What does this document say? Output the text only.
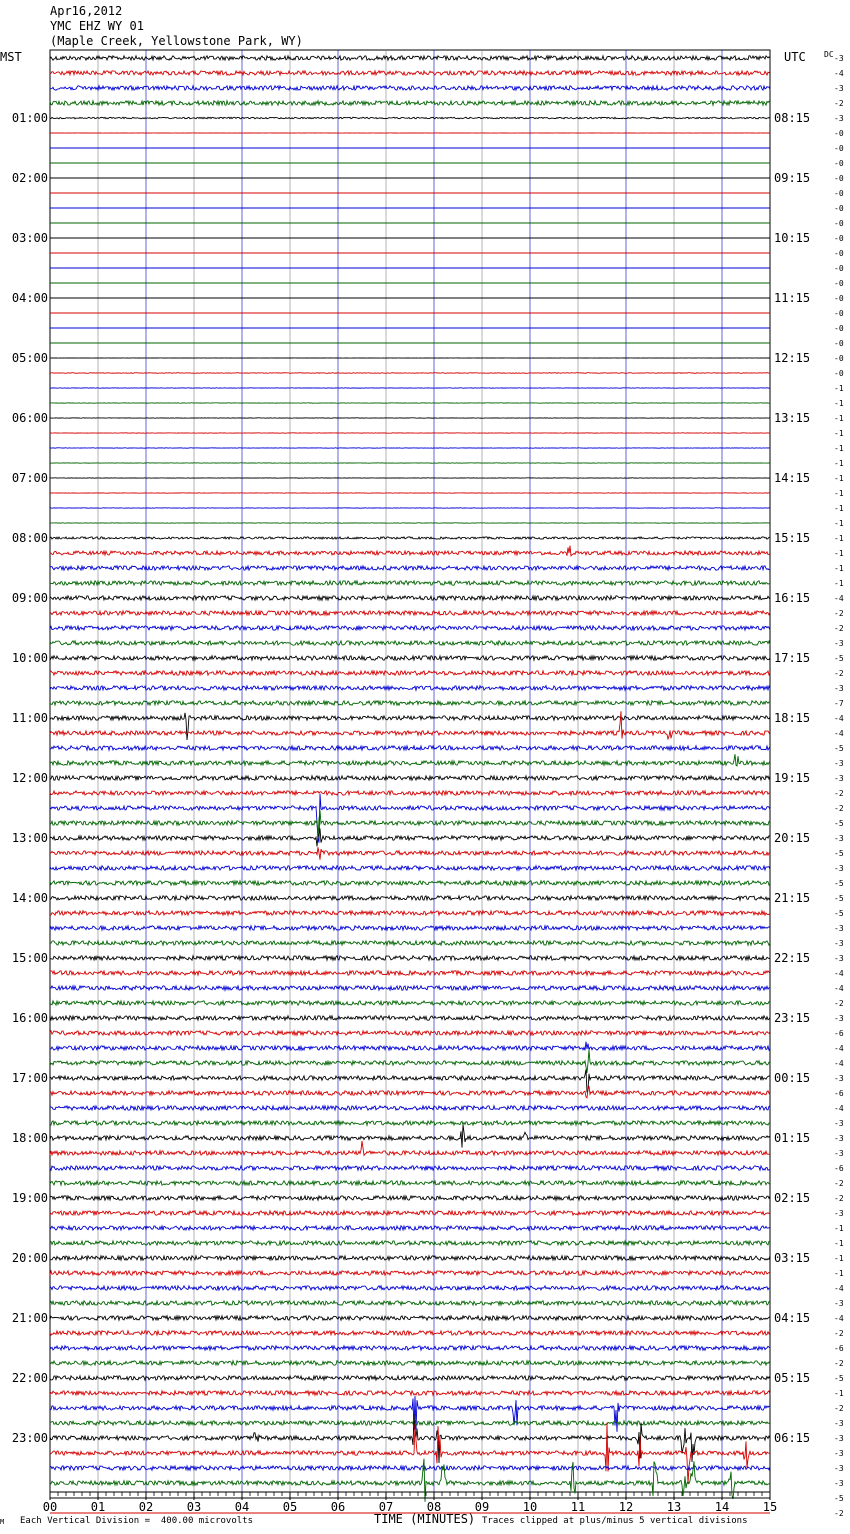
Apr16,2012
YMC EHZ WY 01
(Maple Creek, Yellowstone Park, WY)
MST	UTC DC
01:00
02:00
03:00
04:00
05:00
06:00
07:00
08:00
09:00
10:00
11:00
12:00
13:00
14:00
15:00
16:00
17:00
18:00
19:00
20:00
21:00
22:00
23:00
08:15
09:15
10:15
11:15
12:15
13:15
14:15
15:15
16:15
17:15
18:15
19:15
20:15
21:15
22:15
23:15
00:15
01:15
02:15
03:15
04:15
05:15
06:15
-3
-4
-3
-2
-3
-0
-0
-0
-0
-0
-0
-0
-0
-0
-0
-0
-0
-0
-0
-0
-0
-0
-1
-1
-1
-1
-1
-1
-1
-1
-1
-1
-1
-1
-1
-1
-4
-2
-2
-3
-5
-2
-3
-7
-4
-4
-5
-3
-3
-2
-2
-5
-3
-5
-3
-5
-5
-5
-3
-3
-3
-4
-4
-2
-3
-6
-4
-4
-3
-6
-4
-3
-3
-3
-6
-2
-2
-3
-1
-1
-1
-1
-4
-3
-4
-2
-6
-2
-5
-1
-2
-3
-3
-3
-3
-3
-5
-2
00	01	02	03	04	05	06	07	08	09	10	11	12	13	14	15
M Each Vertical Division =  400.00 microvolts	TIME (MINUTES) Traces clipped at plus/minus 5 vertical divisions
